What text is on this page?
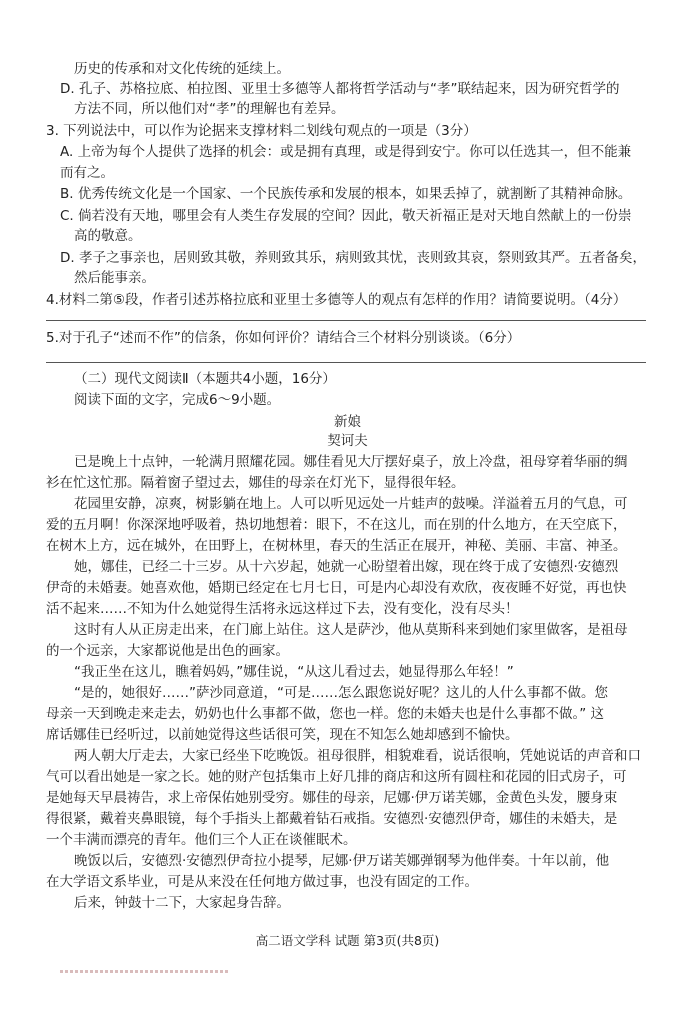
历史的传承和对文化传统的延续上。
D. 孔子、苏格拉底、柏拉图、亚里士多德等人都将哲学活动与“孝”联结起来，因为研究哲学的
方法不同，所以他们对“孝”的理解也有差异。
3. 下列说法中，可以作为论据来支撑材料二划线句观点的一项是（3分）
A. 上帝为每个人提供了选择的机会：或是拥有真理，或是得到安宁。你可以任选其一，但不能兼
而有之。
B. 优秀传统文化是一个国家、一个民族传承和发展的根本，如果丢掉了，就割断了其精神命脉。
C. 倘若没有天地，哪里会有人类生存发展的空间？因此，敬天祈福正是对天地自然献上的一份崇
高的敬意。
D. 孝子之事亲也，居则致其敬，养则致其乐，病则致其忧，丧则致其哀，祭则致其严。五者备矣，
然后能事亲。
4.材料二第⑤段，作者引述苏格拉底和亚里士多德等人的观点有怎样的作用？请简要说明。（4分）
5.对于孔子“述而不作”的信条，你如何评价？请结合三个材料分别谈谈。（6分）
（二）现代文阅读Ⅱ（本题共4小题，16分）
阅读下面的文字，完成6～9小题。
新娘
契诃夫
已是晚上十点钟，一轮满月照耀花园。娜佳看见大厅摆好桌子，放上冷盘，祖母穿着华丽的绸
衫在忙这忙那。隔着窗子望过去，娜佳的母亲在灯光下，显得很年轻。
花园里安静，凉爽，树影躺在地上。人可以听见远处一片蛙声的鼓噪。洋溢着五月的气息，可
爱的五月啊！你深深地呼吸着，热切地想着：眼下，不在这儿，而在别的什么地方，在天空底下，
在树木上方，远在城外，在田野上，在树林里，春天的生活正在展开，神秘、美丽、丰富、神圣。
她，娜佳，已经二十三岁。从十六岁起，她就一心盼望着出嫁，现在终于成了安德烈·安德烈
伊奇的未婚妻。她喜欢他，婚期已经定在七月七日，可是内心却没有欢欣，夜夜睡不好觉，再也快
活不起来……不知为什么她觉得生活将永远这样过下去，没有变化，没有尽头！
这时有人从正房走出来，在门廊上站住。这人是萨沙，他从莫斯科来到她们家里做客，是祖母
的一个远亲，大家都说他是出色的画家。
“我正坐在这儿，瞧着妈妈，”娜佳说，“从这儿看过去，她显得那么年轻！”
“是的，她很好……”萨沙同意道，“可是……怎么跟您说好呢？这儿的人什么事都不做。您
母亲一天到晚走来走去，奶奶也什么事都不做，您也一样。您的未婚夫也是什么事都不做。” 这
席话娜佳已经听过，以前她觉得这些话很可笑，现在不知怎么她却感到不愉快。
两人朝大厅走去，大家已经坐下吃晚饭。祖母很胖，相貌难看，说话很响，凭她说话的声音和口
气可以看出她是一家之长。她的财产包括集市上好几排的商店和这所有圆柱和花园的旧式房子，可
是她每天早晨祷告，求上帝保佑她别受穷。娜佳的母亲，尼娜·伊万诺芙娜，金黄色头发，腰身束
得很紧，戴着夹鼻眼镜，每个手指头上都戴着钻石戒指。安德烈·安德烈伊奇，娜佳的未婚夫，是
一个丰满而漂亮的青年。他们三个人正在谈催眠术。
晚饭以后，安德烈·安德烈伊奇拉小提琴，尼娜·伊万诺芙娜弹钢琴为他伴奏。十年以前，他
在大学语文系毕业，可是从来没在任何地方做过事，也没有固定的工作。
后来，钟鼓十二下，大家起身告辞。
高二语文学科 试题 第3页(共8页)
